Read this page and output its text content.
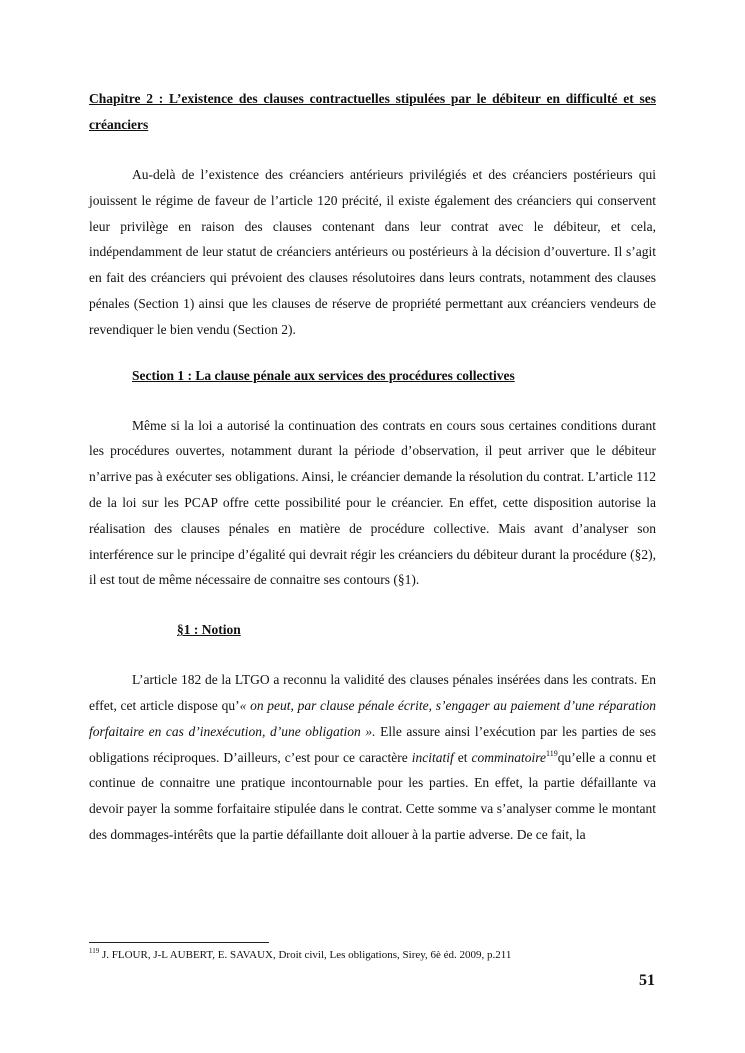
Chapitre 2 : L’existence des clauses contractuelles stipulées par le débiteur en difficulté et ses créanciers

Au-delà de l’existence des créanciers antérieurs privilégiés et des créanciers postérieurs qui jouissent le régime de faveur de l’article 120 précité, il existe également des créanciers qui conservent leur privilège en raison des clauses contenant dans leur contrat avec le débiteur, et cela, indépendamment de leur statut de créanciers antérieurs ou postérieurs à la décision d’ouverture. Il s’agit en fait des créanciers qui prévoient des clauses résolutoires dans leurs contrats, notamment des clauses pénales (Section 1) ainsi que les clauses de réserve de propriété permettant aux créanciers vendeurs de revendiquer le bien vendu (Section 2).

Section 1 : La clause pénale aux services des procédures collectives

Même si la loi a autorisé la continuation des contrats en cours sous certaines conditions durant les procédures ouvertes, notamment durant la période d’observation, il peut arriver que le débiteur n’arrive pas à exécuter ses obligations. Ainsi, le créancier demande la résolution du contrat. L’article 112 de la loi sur les PCAP offre cette possibilité pour le créancier. En effet, cette disposition autorise la réalisation des clauses pénales en matière de procédure collective. Mais avant d’analyser son interférence sur le principe d’égalité qui devrait régir les créanciers du débiteur durant la procédure (§2), il est tout de même nécessaire de connaitre ses contours (§1).

§1 : Notion

L’article 182 de la LTGO a reconnu la validité des clauses pénales insérées dans les contrats. En effet, cet article dispose qu’« on peut, par clause pénale écrite, s’engager au paiement d’une réparation forfaitaire en cas d’inexécution, d’une obligation ». Elle assure ainsi l’exécution par les parties de ses obligations réciproques. D’ailleurs, c’est pour ce caractère incitatif et comminatoire$^{119}$qu’elle a connu et continue de connaitre une pratique incontournable pour les parties. En effet, la partie défaillante va devoir payer la somme forfaitaire stipulée dans le contrat. Cette somme va s’analyser comme le montant des dommages-intérêts que la partie défaillante doit allouer à la partie adverse. De ce fait, la

$^{119}$ J. FLOUR, J-L AUBERT, E. SAVAUX, Droit civil, Les obligations, Sirey, 6è éd. 2009, p.211
51
